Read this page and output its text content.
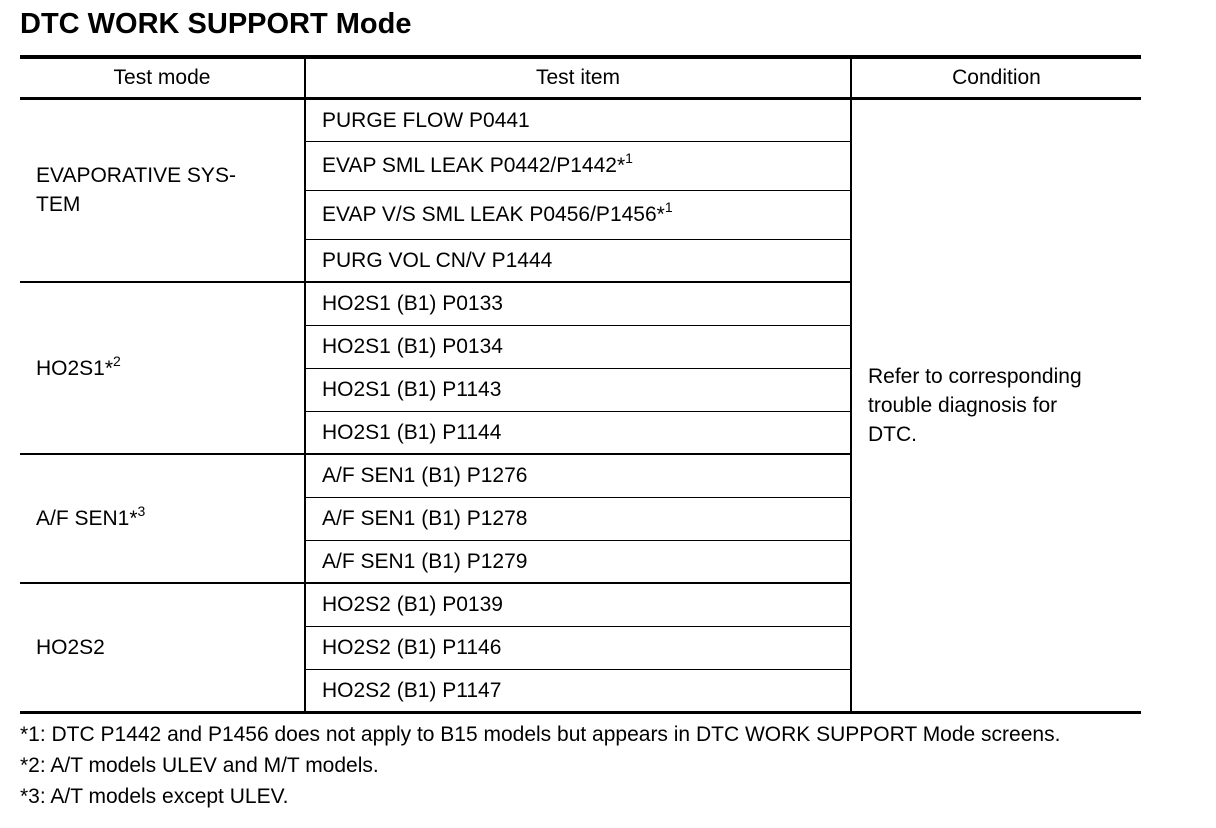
DTC WORK SUPPORT Mode
Test mode	Test item	Condition
EVAPORATIVE SYS-
TEM	PURGE FLOW P0441	Refer to corresponding
trouble diagnosis for
DTC.
	EVAP SML LEAK P0442/P1442*$^1$
	EVAP V/S SML LEAK P0456/P1456*$^1$
	PURG VOL CN/V P1444	
HO2S1*$^2$	HO2S1 (B1) P0133	
	HO2S1 (B1) P0134	
	HO2S1 (B1) P1143	
	HO2S1 (B1) P1144	
A/F SEN1*$^3$	A/F SEN1 (B1) P1276	
	A/F SEN1 (B1) P1278	
	A/F SEN1 (B1) P1279	
HO2S2	HO2S2 (B1) P0139	
	HO2S2 (B1) P1146	
	HO2S2 (B1) P1147	
*1: DTC P1442 and P1456 does not apply to B15 models but appears in DTC WORK SUPPORT Mode screens.
*2: A/T models ULEV and M/T models.
*3: A/T models except ULEV.
